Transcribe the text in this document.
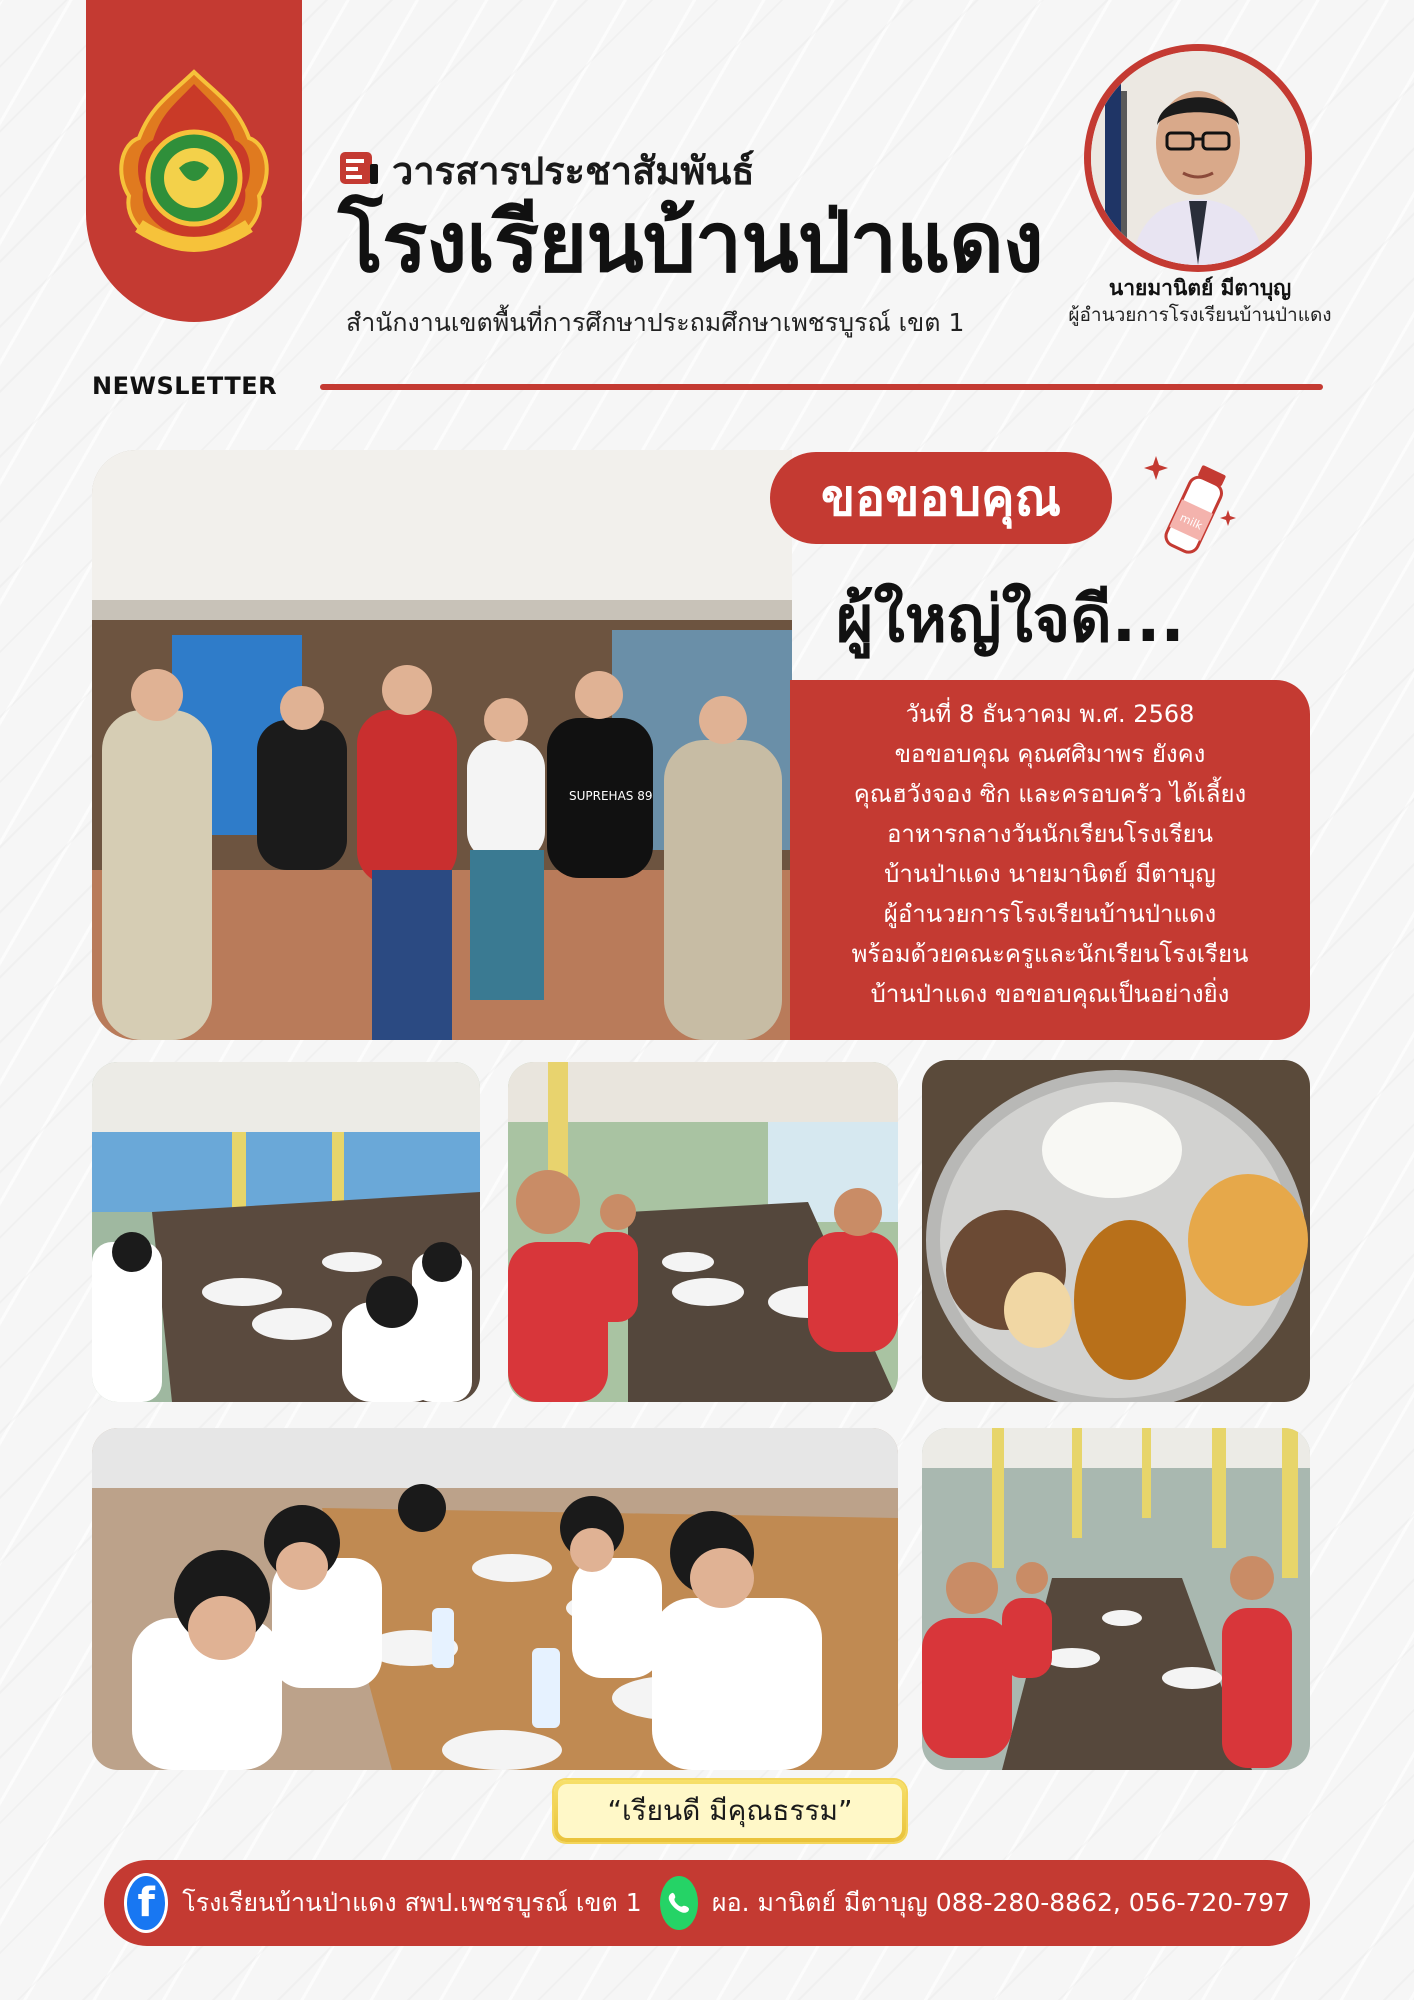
วารสารประชาสัมพันธ์
โรงเรียนบ้านป่าแดง
สำนักงานเขตพื้นที่การศึกษาประถมศึกษาเพชรบูรณ์ เขต 1
นายมานิตย์ มีตาบุญ
ผู้อำนวยการโรงเรียนบ้านป่าแดง
NEWSLETTER
SUPREHAS 89
ขอขอบคุณ	milk
ผู้ใหญ่ใจดี...

วันที่ 8 ธันวาคม พ.ศ. 2568

ขอขอบคุณ คุณศศิมาพร ยังคง

คุณฮวังจอง ซิก และครอบครัว ได้เลี้ยง

อาหารกลางวันนักเรียนโรงเรียน

บ้านป่าแดง นายมานิตย์ มีตาบุญ

ผู้อำนวยการโรงเรียนบ้านป่าแดง

พร้อมด้วยคณะครูและนักเรียนโรงเรียน

บ้านป่าแดง ขอขอบคุณเป็นอย่างยิ่ง

“เรียนดี มีคุณธรรม”
f	โรงเรียนบ้านป่าแดง สพป.เพชรบูรณ์ เขต 1	ผอ. มานิตย์ มีตาบุญ 088-280-8862, 056-720-797
